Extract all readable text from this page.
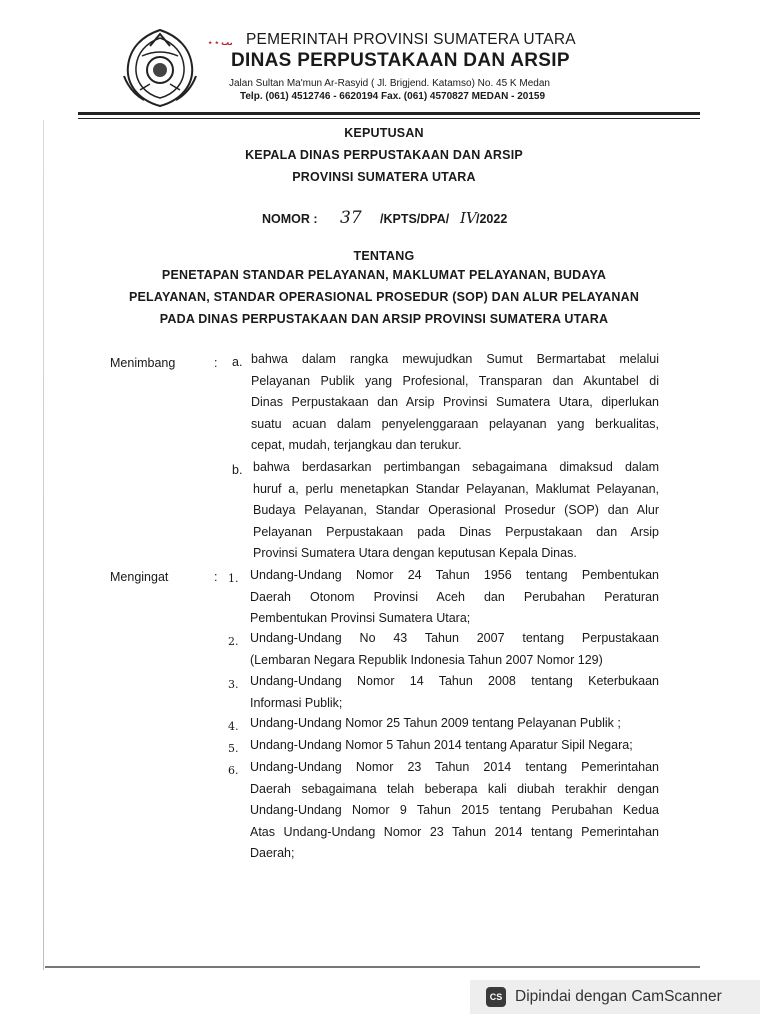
ٮٮ ٭ ٭ PEMERINTAH PROVINSI SUMATERA UTARA
DINAS PERPUSTAKAAN DAN ARSIP
Jalan Sultan Ma'mun Ar-Rasyid ( Jl. Brigjend. Katamso) No. 45 K Medan
Telp. (061) 4512746 - 6620194 Fax. (061) 4570827 MEDAN - 20159
KEPUTUSAN
KEPALA DINAS PERPUSTAKAAN DAN ARSIP
PROVINSI SUMATERA UTARA
NOMOR : 37 /KPTS/DPA/ IV /2022
TENTANG
PENETAPAN STANDAR PELAYANAN, MAKLUMAT PELAYANAN, BUDAYA
PELAYANAN, STANDAR OPERASIONAL PROSEDUR (SOP) DAN ALUR PELAYANAN
PADA DINAS PERPUSTAKAAN DAN ARSIP PROVINSI SUMATERA UTARA
Menimbang	: a. bahwa dalam rangka mewujudkan Sumut Bermartabat melalui
Pelayanan Publik yang Profesional, Transparan dan Akuntabel di
Dinas Perpustakaan dan Arsip Provinsi Sumatera Utara, diperlukan
suatu acuan dalam penyelenggaraan pelayanan yang berkualitas,
cepat, mudah, terjangkau dan terukur.
b. bahwa berdasarkan pertimbangan sebagaimana dimaksud dalam
huruf a, perlu menetapkan Standar Pelayanan, Maklumat Pelayanan,
Budaya Pelayanan, Standar Operasional Prosedur (SOP) dan Alur
Pelayanan Perpustakaan pada Dinas Perpustakaan dan Arsip
Provinsi Sumatera Utara dengan keputusan Kepala Dinas.
Mengingat	: 1. Undang-Undang Nomor 24 Tahun 1956 tentang Pembentukan
Daerah Otonom Provinsi Aceh dan Perubahan Peraturan
Pembentukan Provinsi Sumatera Utara;
2. Undang-Undang No 43 Tahun 2007 tentang Perpustakaan
(Lembaran Negara Republik Indonesia Tahun 2007 Nomor 129)
3. Undang-Undang Nomor 14 Tahun 2008 tentang Keterbukaan
Informasi Publik;
4. Undang-Undang Nomor 25 Tahun 2009 tentang Pelayanan Publik ;
5. Undang-Undang Nomor 5 Tahun 2014 tentang Aparatur Sipil Negara;
6. Undang-Undang Nomor 23 Tahun 2014 tentang Pemerintahan
Daerah sebagaimana telah beberapa kali diubah terakhir dengan
Undang-Undang Nomor 9 Tahun 2015 tentang Perubahan Kedua
Atas Undang-Undang Nomor 23 Tahun 2014 tentang Pemerintahan
Daerah;
CS Dipindai dengan CamScanner
